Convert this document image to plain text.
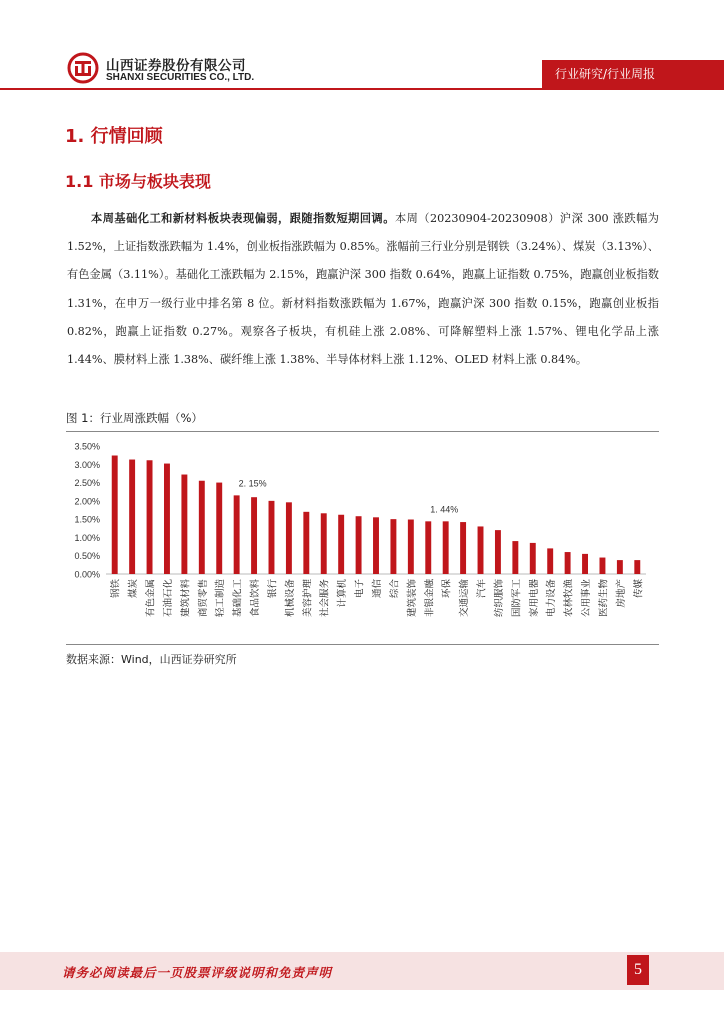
山西证券股份有限公司
SHANXI SECURITIES CO., LTD.	行业研究/行业周报
1. 行情回顾
1.1 市场与板块表现
本周基础化工和新材料板块表现偏弱，跟随指数短期回调。本周（20230904-20230908）沪深 300 涨跌幅为 1.52%，上证指数涨跌幅为 1.4%，创业板指涨跌幅为 0.85%。涨幅前三行业分别是钢铁（3.24%）、煤炭（3.13%）、有色金属（3.11%）。基础化工涨跌幅为 2.15%，跑赢沪深 300 指数 0.64%，跑赢上证指数 0.75%，跑赢创业板指数 1.31%，在申万一级行业中排名第 8 位。新材料指数涨跌幅为 1.67%，跑赢沪深 300 指数 0.15%，跑赢创业板指 0.82%，跑赢上证指数 0.27%。观察各子板块，有机硅上涨 2.08%、可降解塑料上涨 1.57%、锂电化学品上涨 1.44%、膜材料上涨 1.38%、碳纤维上涨 1.38%、半导体材料上涨 1.12%、OLED 材料上涨 0.84%。
图 1：行业周涨跌幅（%）
0.00%
0.50%
1.00%
1.50%
2.00%
2.50%
3.00%
3.50%
钢铁 煤炭 有色金属 石油石化 建筑材料 商贸零售 轻工制造 基础化工 食品饮料 银行 机械设备 美容护理 社会服务 计算机 电子 通信 综合 建筑装饰 非银金融 环保 交通运输 汽车 纺织服饰 国防军工 家用电器 电力设备 农林牧渔 公用事业 医药生物 房地产 传媒
2. 15%
1. 44%
数据来源：Wind，山西证券研究所
请务必阅读最后一页股票评级说明和免责声明	5
